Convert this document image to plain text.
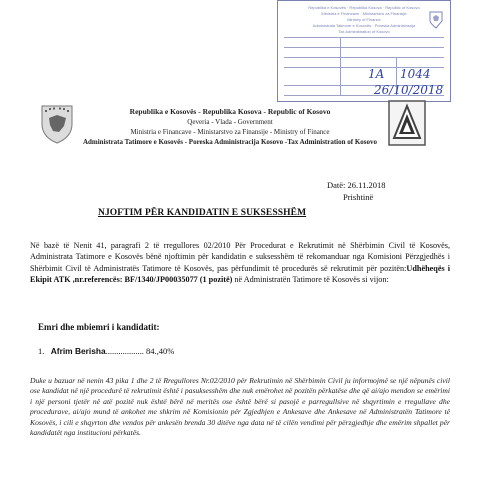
Republika e Kosovës · Republika Kosova · Republic of Kosovo
Ministria e Financave · Ministarstvo za Finansije
Ministry of Finance
Administrata Tatimore e Kosovës · Poreska Administracija
Tax Administration of Kosovo
1A 1044
26/10/2018
Republika e Kosovës - Republika Kosova - Republic of Kosovo
Qeveria - Vlada - Government
Ministria e Financave - Ministarstvo za Finansije - Ministry of Finance
Administrata Tatimore e Kosovës - Poreska Administracija Kosovo -Tax Administration of Kosovo
Datë: 26.11.2018
Prishtinë
NJOFTIM PËR KANDIDATIN E SUKSESSHËM
Në bazë të Nenit 41, paragrafi 2 të rregullores 02/2010 Për Procedurat e Rekrutimit në Shërbimin Civil të Kosovës, Administrata Tatimore e Kosovës bënë njoftimin për kandidatin e suksesshëm të rekomanduar nga Komisioni Përzgjedhës i Shërbimit Civil të Administratës Tatimore të Kosovës, pas përfundimit të procedurës së rekrutimit për pozitën:Udhëheqës i Ekipit ATK ,nr.referencës: BF/1340/JP00035077 (1 pozitë) në Administratën Tatimore të Kosovës si vijon:
Emri dhe mbiemri i kandidatit:
1. Afrim Berisha.................. 84.,40%
Duke u bazuar në nenin 43 pika 1 dhe 2 të Rregullores Nr.02/2010 për Rekrutimin në Shërbimin Civil ju informojmë se një nëpunës civil ose kandidat në një procedurë të rekrutimit është i pasuksesshëm dhe nuk emërohet në pozitën përkatëse dhe që ai/ajo mendon se emërimi i një personi tjetër në atë pozitë nuk është bërë në meritës ose është bërë si pasojë e parregullsive në shqyrtimin e rregullave dhe procedurave, ai/ajo mund të ankohet me shkrim në Komisionin për Zgjedhjen e Ankesave dhe Ankesave në Administratën Tatimore të Kosovës, i cili e shqyrton dhe vendos për ankesën brenda 30 ditëve nga data në të cilën vendimi për përzgjedhje dhe emërim shpallet për kandidatët nga institucioni përkatës.
